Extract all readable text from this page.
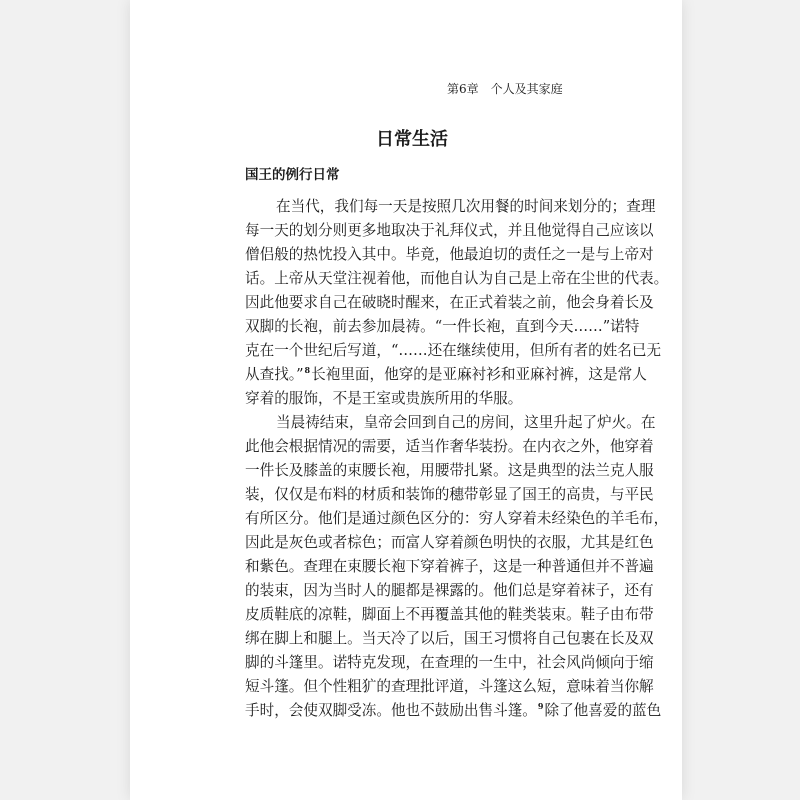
第6章　个人及其家庭
日常生活
国王的例行日常
在当代，我们每一天是按照几次用餐的时间来划分的；查理
每一天的划分则更多地取决于礼拜仪式，并且他觉得自己应该以
僧侣般的热忱投入其中。毕竟，他最迫切的责任之一是与上帝对
话。上帝从天堂注视着他，而他自认为自己是上帝在尘世的代表。
因此他要求自己在破晓时醒来，在正式着装之前，他会身着长及
双脚的长袍，前去参加晨祷。“一件长袍，直到今天……”诺特
克在一个世纪后写道，“……还在继续使用，但所有者的姓名已无
从查找。”$^8$长袍里面，他穿的是亚麻衬衫和亚麻衬裤，这是常人
穿着的服饰，不是王室或贵族所用的华服。
当晨祷结束，皇帝会回到自己的房间，这里升起了炉火。在
此他会根据情况的需要，适当作奢华装扮。在内衣之外，他穿着
一件长及膝盖的束腰长袍，用腰带扎紧。这是典型的法兰克人服
装，仅仅是布料的材质和装饰的穗带彰显了国王的高贵，与平民
有所区分。他们是通过颜色区分的：穷人穿着未经染色的羊毛布，
因此是灰色或者棕色；而富人穿着颜色明快的衣服，尤其是红色
和紫色。查理在束腰长袍下穿着裤子，这是一种普通但并不普遍
的装束，因为当时人的腿都是裸露的。他们总是穿着袜子，还有
皮质鞋底的凉鞋，脚面上不再覆盖其他的鞋类装束。鞋子由布带
绑在脚上和腿上。当天冷了以后，国王习惯将自己包裹在长及双
脚的斗篷里。诺特克发现，在查理的一生中，社会风尚倾向于缩
短斗篷。但个性粗犷的查理批评道，斗篷这么短，意味着当你解
手时，会使双脚受冻。他也不鼓励出售斗篷。$^9$除了他喜爱的蓝色
